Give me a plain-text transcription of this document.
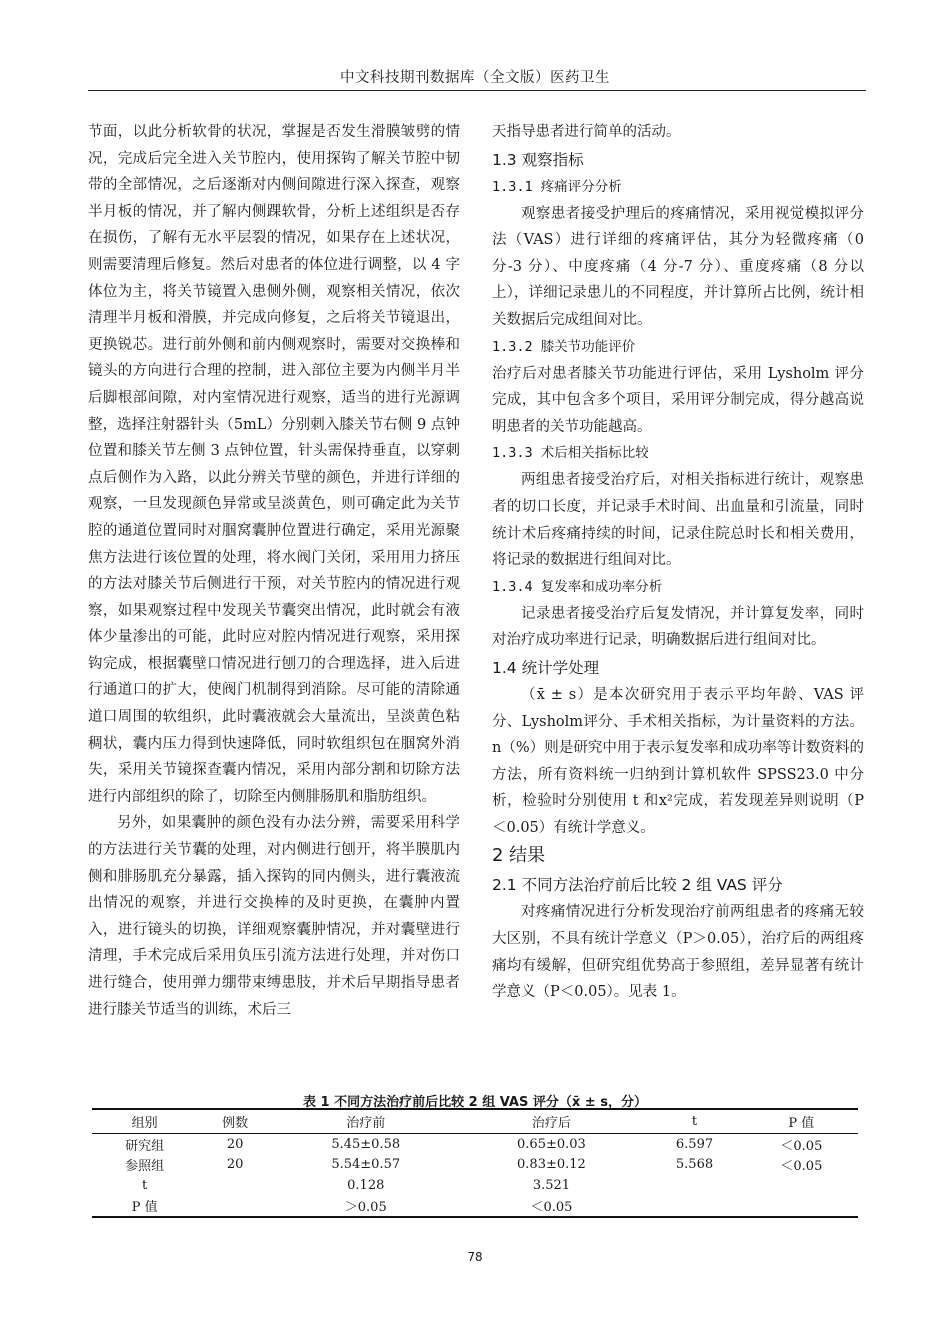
中文科技期刊数据库（全文版）医药卫生

节面，以此分析软骨的状况，掌握是否发生滑膜皱劈的情况，完成后完全进入关节腔内，使用探钩了解关节腔中韧带的全部情况，之后逐渐对内侧间隙进行深入探查，观察半月板的情况，并了解内侧踝软骨，分析上述组织是否存在损伤，了解有无水平层裂的情况，如果存在上述状况，则需要清理后修复。然后对患者的体位进行调整，以 4 字体位为主，将关节镜置入患侧外侧，观察相关情况，依次清理半月板和滑膜，并完成向修复，之后将关节镜退出，更换锐芯。进行前外侧和前内侧观察时，需要对交换棒和镜头的方向进行合理的控制，进入部位主要为内侧半月半后脚根部间隙，对内室情况进行观察，适当的进行光源调整，选择注射器针头（5mL）分别刺入膝关节右侧 9 点钟位置和膝关节左侧 3 点钟位置，针头需保持垂直，以穿刺点后侧作为入路，以此分辨关节壁的颜色，并进行详细的观察，一旦发现颜色异常或呈淡黄色，则可确定此为关节腔的通道位置同时对腘窝囊肿位置进行确定，采用光源聚焦方法进行该位置的处理，将水阀门关闭，采用用力挤压的方法对膝关节后侧进行干预，对关节腔内的情况进行观察，如果观察过程中发现关节囊突出情况，此时就会有液体少量渗出的可能，此时应对腔内情况进行观察，采用探钩完成，根据囊壁口情况进行刨刀的合理选择，进入后进行通道口的扩大，使阀门机制得到消除。尽可能的清除通道口周围的软组织，此时囊液就会大量流出，呈淡黄色粘稠状，囊内压力得到快速降低，同时软组织包在腘窝外消失，采用关节镜探查囊内情况，采用内部分割和切除方法进行内部组织的除了，切除至内侧腓肠肌和脂肪组织。

另外，如果囊肿的颜色没有办法分辨，需要采用科学的方法进行关节囊的处理，对内侧进行刨开，将半膜肌内侧和腓肠肌充分暴露，插入探钩的同内侧头，进行囊液流出情况的观察，并进行交换棒的及时更换，在囊肿内置入，进行镜头的切换，详细观察囊肿情况，并对囊壁进行清理，手术完成后采用负压引流方法进行处理，并对伤口进行缝合，使用弹力绷带束缚患肢，并术后早期指导患者进行膝关节适当的训练，术后三

天指导患者进行简单的活动。

1.3 观察指标

1.3.1 疼痛评分分析

观察患者接受护理后的疼痛情况，采用视觉模拟评分法（VAS）进行详细的疼痛评估，其分为轻微疼痛（0 分-3 分）、中度疼痛（4 分-7 分）、重度疼痛（8 分以上），详细记录患儿的不同程度，并计算所占比例，统计相关数据后完成组间对比。

1.3.2 膝关节功能评价

治疗后对患者膝关节功能进行评估，采用 Lysholm 评分完成，其中包含多个项目，采用评分制完成，得分越高说明患者的关节功能越高。

1.3.3 术后相关指标比较

两组患者接受治疗后，对相关指标进行统计，观察患者的切口长度，并记录手术时间、出血量和引流量，同时统计术后疼痛持续的时间，记录住院总时长和相关费用，将记录的数据进行组间对比。

1.3.4 复发率和成功率分析

记录患者接受治疗后复发情况，并计算复发率，同时对治疗成功率进行记录，明确数据后进行组间对比。

1.4 统计学处理

（x̄ ± s）是本次研究用于表示平均年龄、VAS 评分、Lysholm评分、手术相关指标，为计量资料的方法。n（%）则是研究中用于表示复发率和成功率等计数资料的方法，所有资料统一归纳到计算机软件 SPSS23.0 中分析，检验时分别使用 t 和x²完成，若发现差异则说明（P＜0.05）有统计学意义。

2 结果

2.1 不同方法治疗前后比较 2 组 VAS 评分

对疼痛情况进行分析发现治疗前两组患者的疼痛无较大区别，不具有统计学意义（P＞0.05），治疗后的两组疼痛均有缓解，但研究组优势高于参照组，差异显著有统计学意义（P＜0.05）。见表 1。

表 1 不同方法治疗前后比较 2 组 VAS 评分（x̄ ± s，分）
组别	例数	治疗前	治疗后	t	P 值
研究组	20	5.45±0.58	0.65±0.03	6.597	＜0.05
参照组	20	5.54±0.57	0.83±0.12	5.568	＜0.05
t		0.128	3.521		
P 值		＞0.05	＜0.05		
78
